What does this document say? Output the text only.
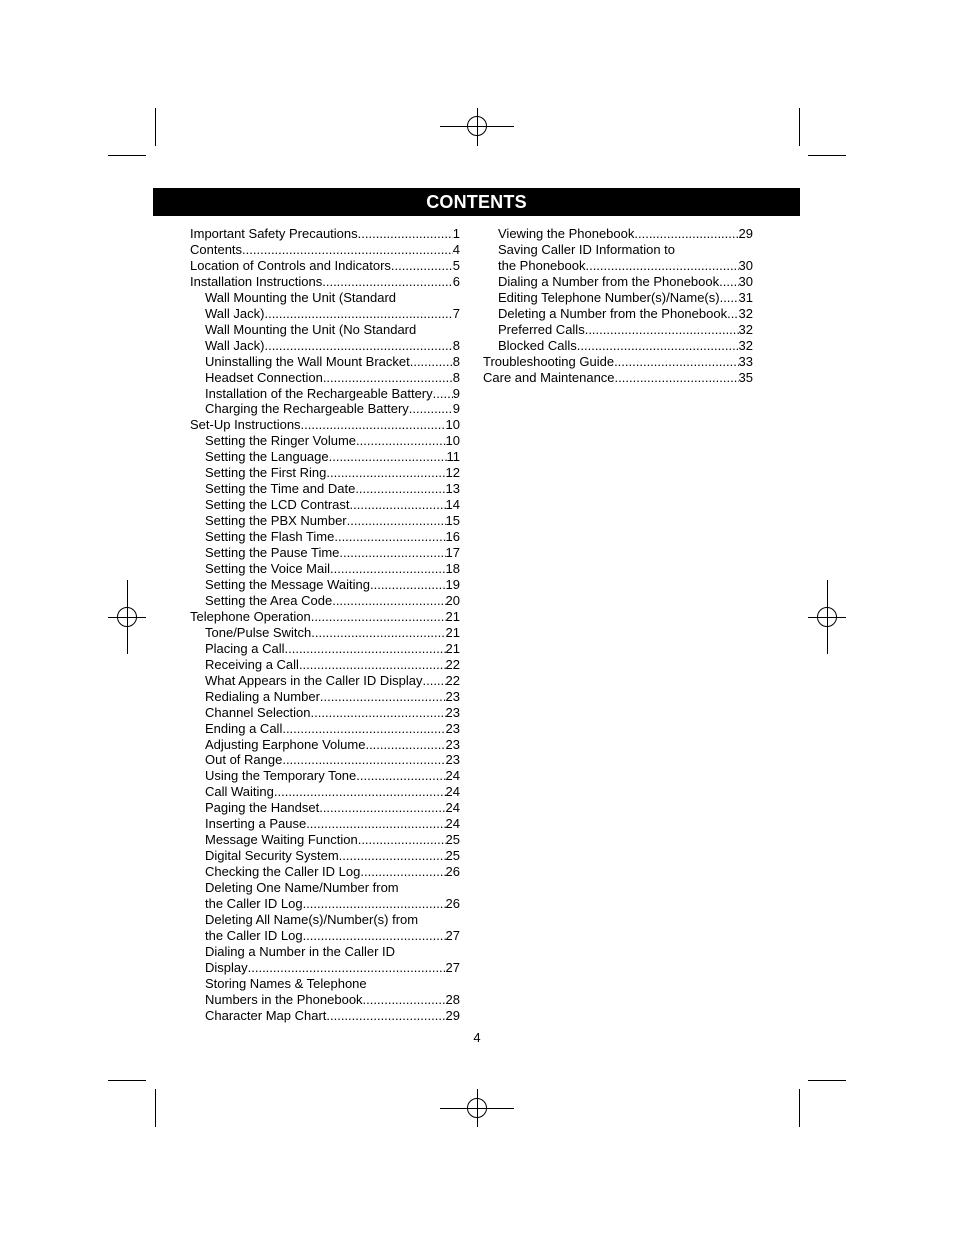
CONTENTS
Important Safety Precautions .....	1
Contents .....	4
Location of Controls and Indicators .....	5
Installation Instructions .....	6
Wall Mounting the Unit (Standard
Wall Jack) .....	7
Wall Mounting the Unit (No Standard
Wall Jack) .....	8
Uninstalling the Wall Mount Bracket .....	8
Headset Connection .....	8
Installation of the Rechargeable Battery ..... 9
Charging the Rechargeable Battery .....	9
Set-Up Instructions .....	10
Setting the Ringer Volume .....	10
Setting the Language .....	11
Setting the First Ring .....	12
Setting the Time and Date .....	13
Setting the LCD Contrast .....	14
Setting the PBX Number .....	15
Setting the Flash Time .....	16
Setting the Pause Time .....	17
Setting the Voice Mail .....	18
Setting the Message Waiting .....	19
Setting the Area Code .....	20
Telephone Operation .....	21
Tone/Pulse Switch .....	21
Placing a Call .....	21
Receiving a Call .....	22
What Appears in the Caller ID Display ..... 22
Redialing a Number .....	23
Channel Selection .....	23
Ending a Call .....	23
Adjusting Earphone Volume .....	23
Out of Range .....	23
Using the Temporary Tone .....	24
Call Waiting .....	24
Paging the Handset .....	24
Inserting a Pause .....	24
Message Waiting Function .....	25
Digital Security System .....	25
Checking the Caller ID Log .....	26
Deleting One Name/Number from
the Caller ID Log .....	26
Deleting All Name(s)/Number(s) from
the Caller ID Log .....	27
Dialing a Number in the Caller ID
Display .....	27
Storing Names & Telephone
Numbers in the Phonebook .....	28
Character Map Chart .....	29
Viewing the Phonebook .....	29
Saving Caller ID Information to
the Phonebook .....	30
Dialing a Number from the Phonebook ..... 30
Editing Telephone Number(s)/Name(s) ..... 31
Deleting a Number from the Phonebook ..... 32
Preferred Calls .....	32
Blocked Calls .....	32
Troubleshooting Guide .....	33
Care and Maintenance .....	35
4
